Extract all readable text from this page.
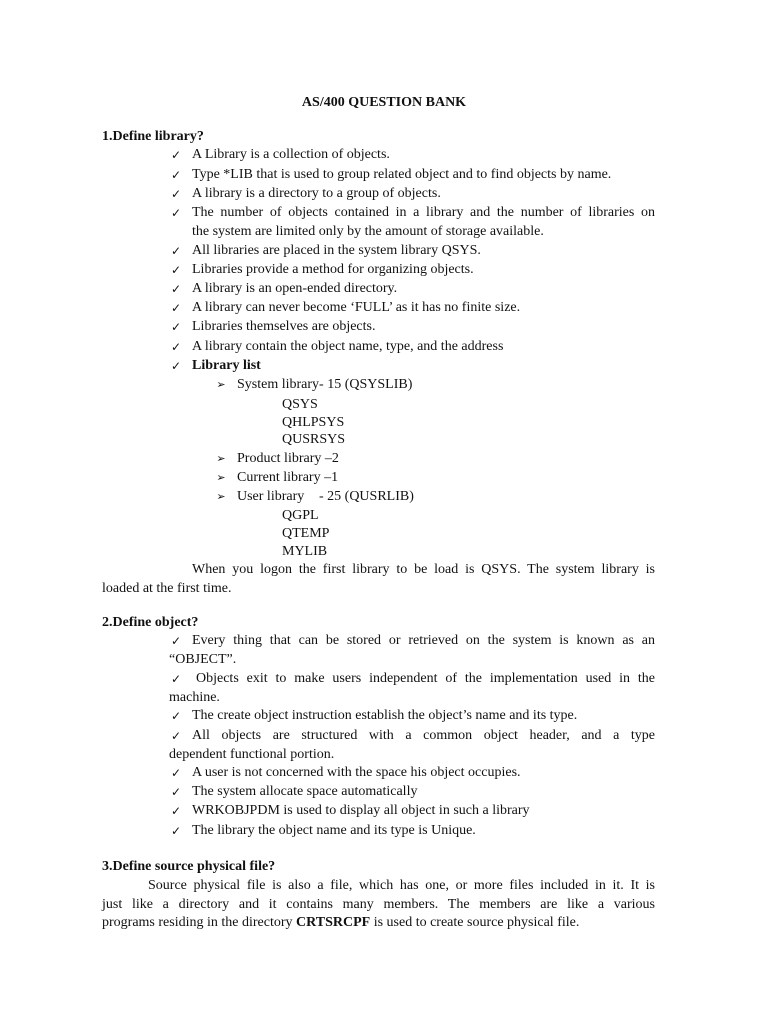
AS/400 QUESTION BANK
1.Define library?
✓ A Library is a collection of objects.
✓ Type *LIB that is used to group related object and to find objects by name.
✓ A library is a directory to a group of objects.
✓ The number of objects contained in a library and the number of libraries on
the system are limited only by the amount of storage available.
✓ All libraries are placed in the system library QSYS.
✓ Libraries provide a method for organizing objects.
✓ A library is an open-ended directory.
✓ A library can never become ‘FULL’ as it has no finite size.
✓ Libraries themselves are objects.
✓ A library contain the object name, type, and the address
✓ Library list
➢ System library- 15 (QSYSLIB)
QSYS
QHLPSYS
QUSRSYS
➢ Product library –2
➢ Current library –1
➢ User library - 25 (QUSRLIB)
QGPL
QTEMP
MYLIB
When you logon the first library to be load is QSYS. The system library is
loaded at the first time.
2.Define object?
✓ Every thing that can be stored or retrieved on the system is known as an
“OBJECT”.
✓ Objects exit to make users independent of the implementation used in the
machine.
✓ The create object instruction establish the object’s name and its type.
✓ All objects are structured with a common object header, and a type
dependent functional portion.
✓ A user is not concerned with the space his object occupies.
✓ The system allocate space automatically
✓ WRKOBJPDM is used to display all object in such a library
✓ The library the object name and its type is Unique.
3.Define source physical file?
Source physical file is also a file, which has one, or more files included in it. It is
just like a directory and it contains many members. The members are like a various
programs residing in the directory CRTSRCPF is used to create source physical file.
